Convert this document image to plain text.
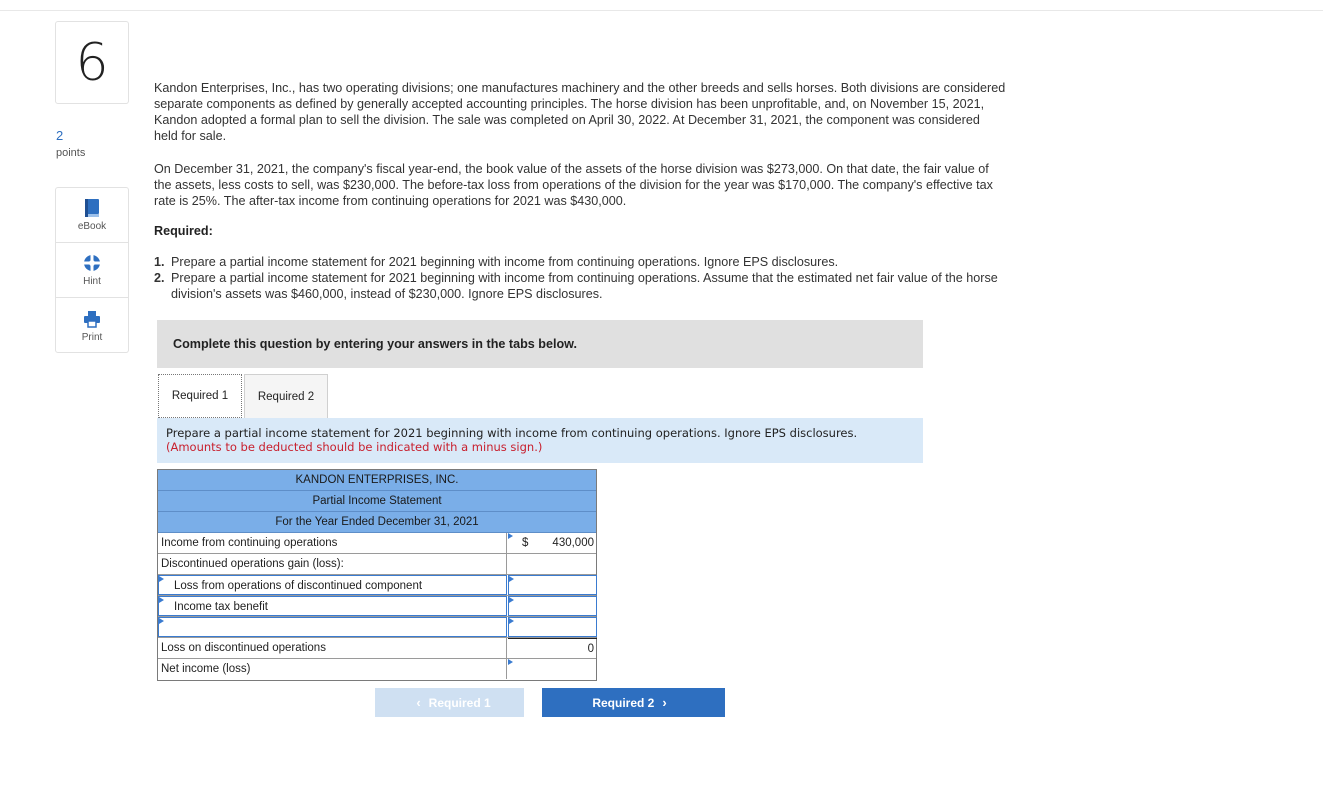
6
2
points
eBook
Hint
Print

Kandon Enterprises, Inc., has two operating divisions; one manufactures machinery and the other breeds and sells horses. Both divisions are considered separate components as defined by generally accepted accounting principles. The horse division has been unprofitable, and, on November 15, 2021, Kandon adopted a formal plan to sell the division. The sale was completed on April 30, 2022. At December 31, 2021, the component was considered held for sale.

On December 31, 2021, the company's fiscal year-end, the book value of the assets of the horse division was $273,000. On that date, the fair value of the assets, less costs to sell, was $230,000. The before-tax loss from operations of the division for the year was $170,000. The company's effective tax rate is 25%. The after-tax income from continuing operations for 2021 was $430,000.

Required:
1. Prepare a partial income statement for 2021 beginning with income from continuing operations. Ignore EPS disclosures.
2. Prepare a partial income statement for 2021 beginning with income from continuing operations. Assume that the estimated net fair value of the horse division's assets was $460,000, instead of $230,000. Ignore EPS disclosures.
Complete this question by entering your answers in the tabs below.
Required 1	Required 2
Prepare a partial income statement for 2021 beginning with income from continuing operations. Ignore EPS disclosures.
(Amounts to be deducted should be indicated with a minus sign.)
KANDON ENTERPRISES, INC.
Partial Income Statement
For the Year Ended December 31, 2021
Income from continuing operations	$ 430,000
Discontinued operations gain (loss):
Loss from operations of discontinued component
Income tax benefit
Loss on discontinued operations	0
Net income (loss)
‹ Required 1	Required 2 ›
